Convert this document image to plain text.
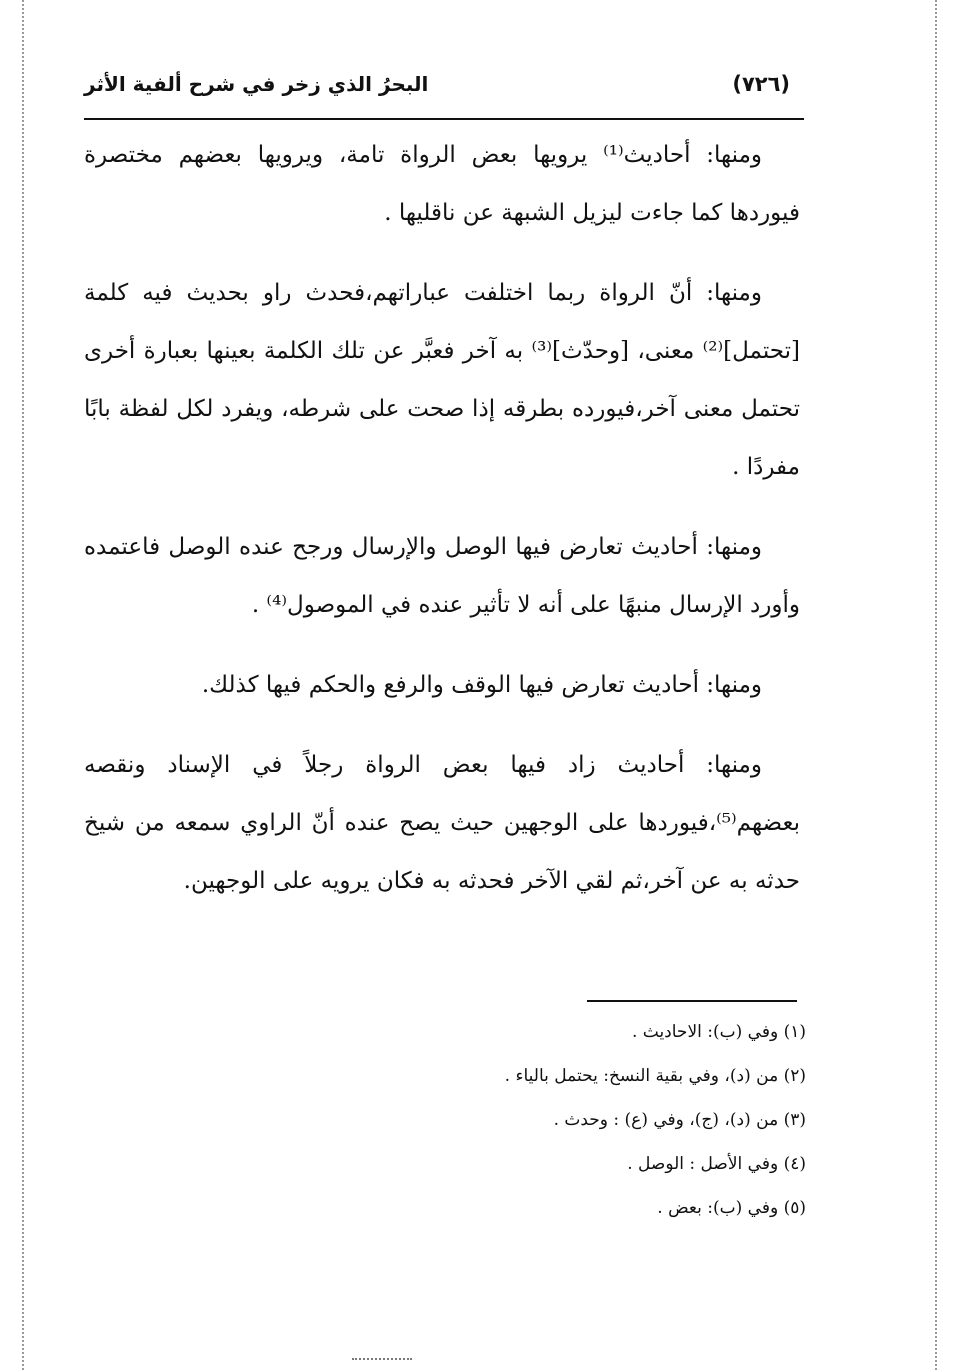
(٧٢٦)
البحرُ الذي زخر في شرح ألفية الأثر

ومنها: أحاديث⁽¹⁾ يرويها بعض الرواة تامة، ويرويها بعضهم مختصرة فيوردها كما جاءت ليزيل الشبهة عن ناقليها .

ومنها: أنّ الرواة ربما اختلفت عباراتهم،فحدث راو بحديث فيه كلمة [تحتمل]⁽²⁾ معنى، [وحدّث]⁽³⁾ به آخر فعبَّر عن تلك الكلمة بعينها بعبارة أخرى تحتمل معنى آخر،فيورده بطرقه إذا صحت على شرطه، ويفرد لكل لفظة بابًا مفردًا .

ومنها: أحاديث تعارض فيها الوصل والإرسال ورجح عنده الوصل فاعتمده وأورد الإرسال منبهًا على أنه لا تأثير عنده في الموصول⁽⁴⁾ .

ومنها: أحاديث تعارض فيها الوقف والرفع والحكم فيها كذلك.

ومنها: أحاديث زاد فيها بعض الرواة رجلاً في الإسناد ونقصه بعضهم⁽⁵⁾،فيوردها على الوجهين حيث يصح عنده أنّ الراوي سمعه من شيخ حدثه به عن آخر،ثم لقي الآخر فحدثه به فكان يرويه على الوجهين.

(١) وفي (ب): الاحاديث .
(٢) من (د)، وفي بقية النسخ: يحتمل بالياء .
(٣) من (د)، (ج)، وفي (ع) : وحدث .
(٤) وفي الأصل : الوصل .
(٥) وفي (ب): بعض .
